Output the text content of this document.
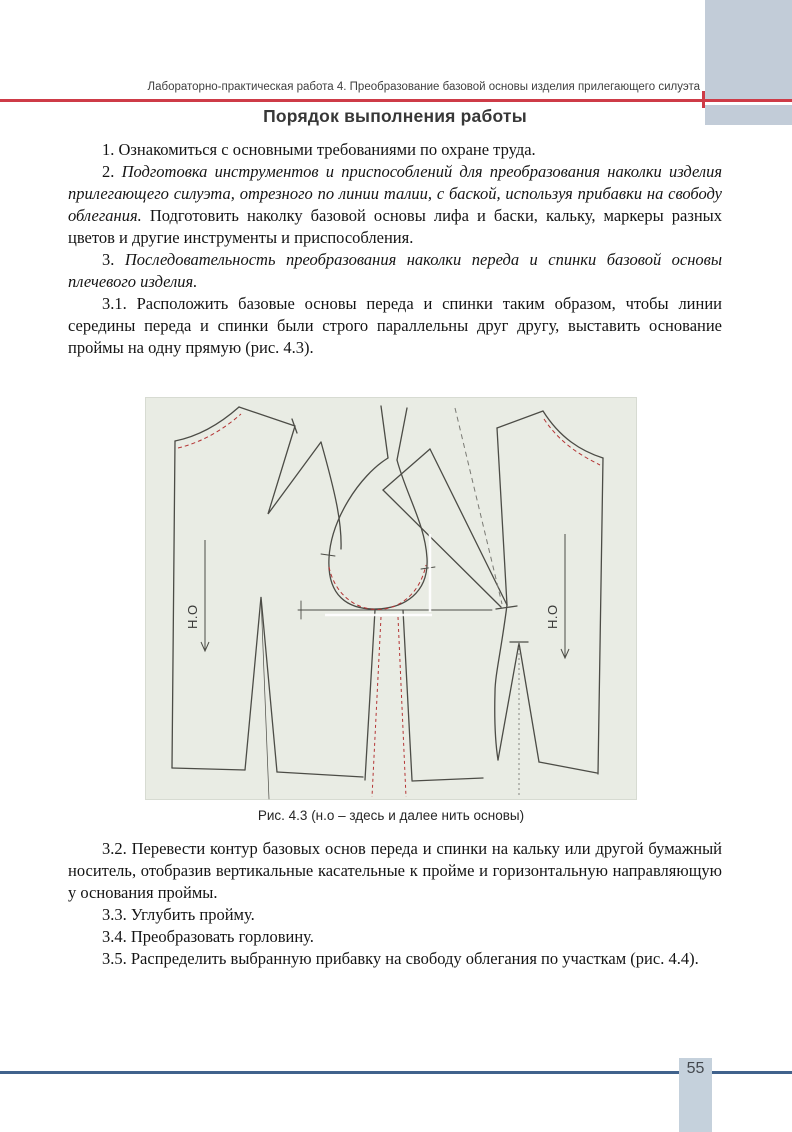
Лабораторно-практическая работа 4. Преобразование базовой основы изделия прилегающего силуэта
Порядок выполнения работы

1. Ознакомиться с основными требованиями по охране труда.

2. Подготовка инструментов и приспособлений для преобразования наколки изделия прилегающего силуэта, отрезного по линии талии, с баской, используя прибавки на свободу облегания. Подготовить наколку базовой основы лифа и баски, кальку, маркеры разных цветов и другие инструменты и приспособления.

3. Последовательность преобразования наколки переда и спинки базовой основы плечевого изделия.

3.1. Расположить базовые основы переда и спинки таким образом, чтобы линии середины переда и спинки были строго параллельны друг другу, выставить основание проймы на одну прямую (рис. 4.3).

Н.О	Н.О
Рис. 4.3 (н.о – здесь и далее нить основы)

3.2. Перевести контур базовых основ переда и спинки на кальку или другой бумажный носитель, отобразив вертикальные касательные к пройме и горизонтальную направляющую у основания проймы.

3.3. Углубить пройму.

3.4. Преобразовать горловину.

3.5. Распределить выбранную прибавку на свободу облегания по участкам (рис. 4.4).

55
